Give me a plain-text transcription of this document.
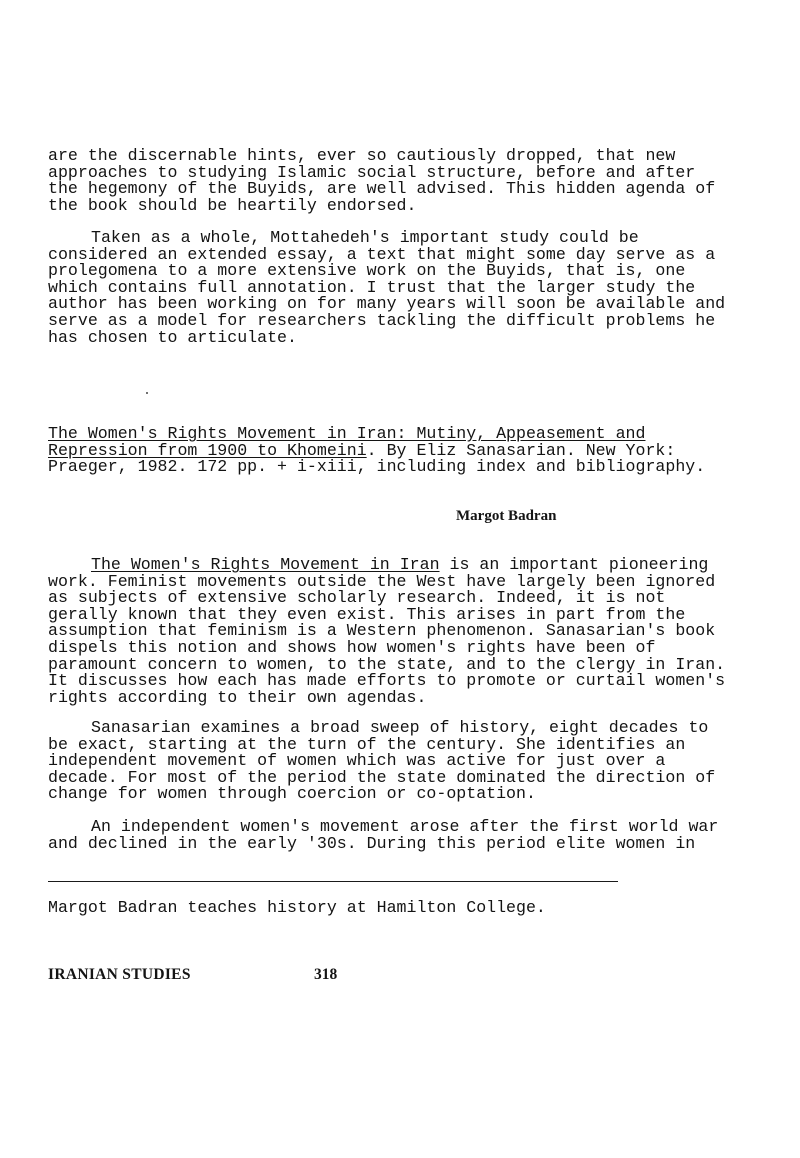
are the discernable hints, ever so cautiously dropped, that new
approaches to studying Islamic social structure, before and after
the hegemony of the Buyids, are well advised. This hidden agenda of
the book should be heartily endorsed.
Taken as a whole, Mottahedeh's important study could be
considered an extended essay, a text that might some day serve as a
prolegomena to a more extensive work on the Buyids, that is, one
which contains full annotation. I trust that the larger study the
author has been working on for many years will soon be available and
serve as a model for researchers tackling the difficult problems he
has chosen to articulate.
The Women's Rights Movement in Iran: Mutiny, Appeasement and
Repression from 1900 to Khomeini. By Eliz Sanasarian. New York:
Praeger, 1982. 172 pp. + i-xiii, including index and bibliography.
Margot Badran
The Women's Rights Movement in Iran is an important pioneering
work. Feminist movements outside the West have largely been ignored
as subjects of extensive scholarly research. Indeed, it is not
gerally known that they even exist. This arises in part from the
assumption that feminism is a Western phenomenon. Sanasarian's book
dispels this notion and shows how women's rights have been of
paramount concern to women, to the state, and to the clergy in Iran.
It discusses how each has made efforts to promote or curtail women's
rights according to their own agendas.
Sanasarian examines a broad sweep of history, eight decades to
be exact, starting at the turn of the century. She identifies an
independent movement of women which was active for just over a
decade. For most of the period the state dominated the direction of
change for women through coercion or co-optation.
An independent women's movement arose after the first world war
and declined in the early '30s. During this period elite women in
Margot Badran teaches history at Hamilton College.
IRANIAN STUDIES	318
